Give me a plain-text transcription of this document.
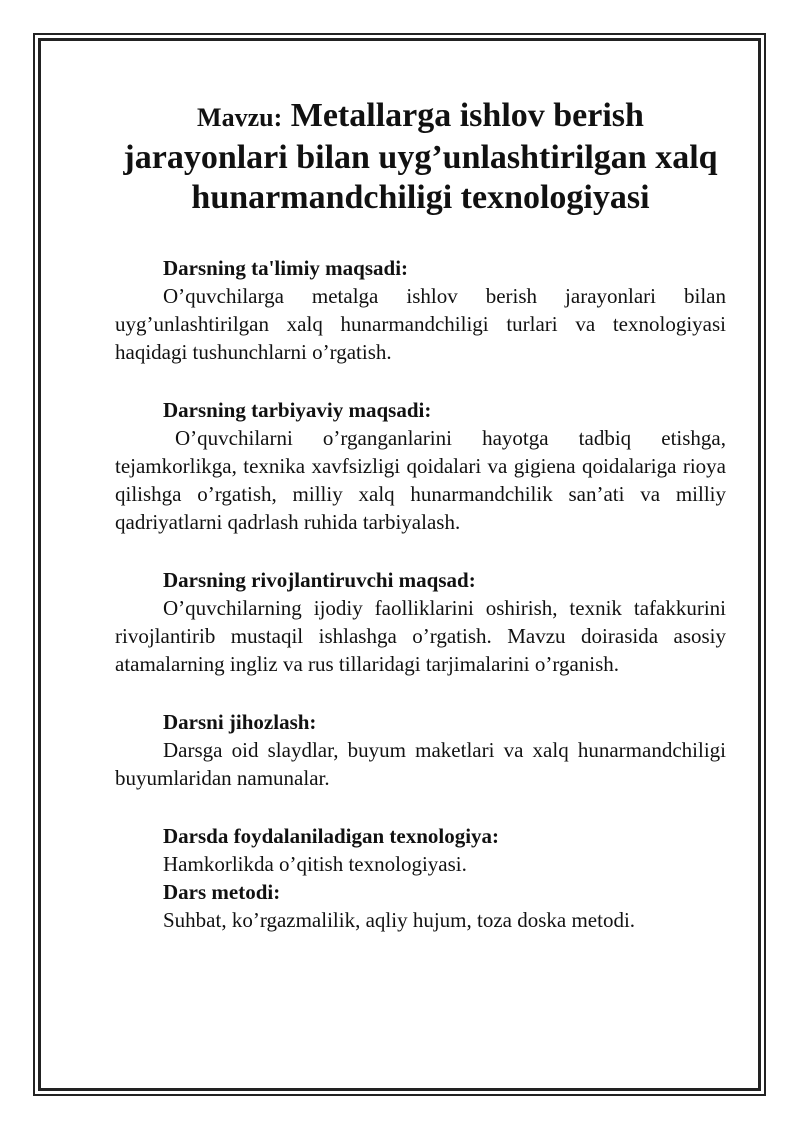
Mavzu: Metallarga ishlov berish jarayonlari bilan uyg’unlashtirilgan xalq hunarmandchiligi texnologiyasi
Darsning ta'limiy maqsadi:
O’quvchilarga metalga ishlov berish jarayonlari bilan uyg’unlashtirilgan xalq hunarmandchiligi turlari va texnologiyasi haqidagi tushunchlarni o’rgatish.
Darsning tarbiyaviy maqsadi:
O’quvchilarni o’rganganlarini hayotga tadbiq etishga, tejamkorlikga, texnika xavfsizligi qoidalari va gigiena qoidalariga rioya qilishga o’rgatish, milliy xalq hunarmandchilik san’ati va milliy qadriyatlarni qadrlash ruhida tarbiyalash.
Darsning rivojlantiruvchi maqsad:
O’quvchilarning ijodiy faolliklarini oshirish, texnik tafakkurini rivojlantirib mustaqil ishlashga o’rgatish. Mavzu doirasida asosiy atamalarning ingliz va rus tillaridagi tarjimalarini o’rganish.
Darsni jihozlash:
Darsga oid slaydlar, buyum maketlari va xalq hunarmandchiligi buyumlaridan namunalar.
Darsda foydalaniladigan texnologiya:
Hamkorlikda o’qitish texnologiyasi.
Dars metodi:
Suhbat, ko’rgazmalilik, aqliy hujum, toza doska metodi.
